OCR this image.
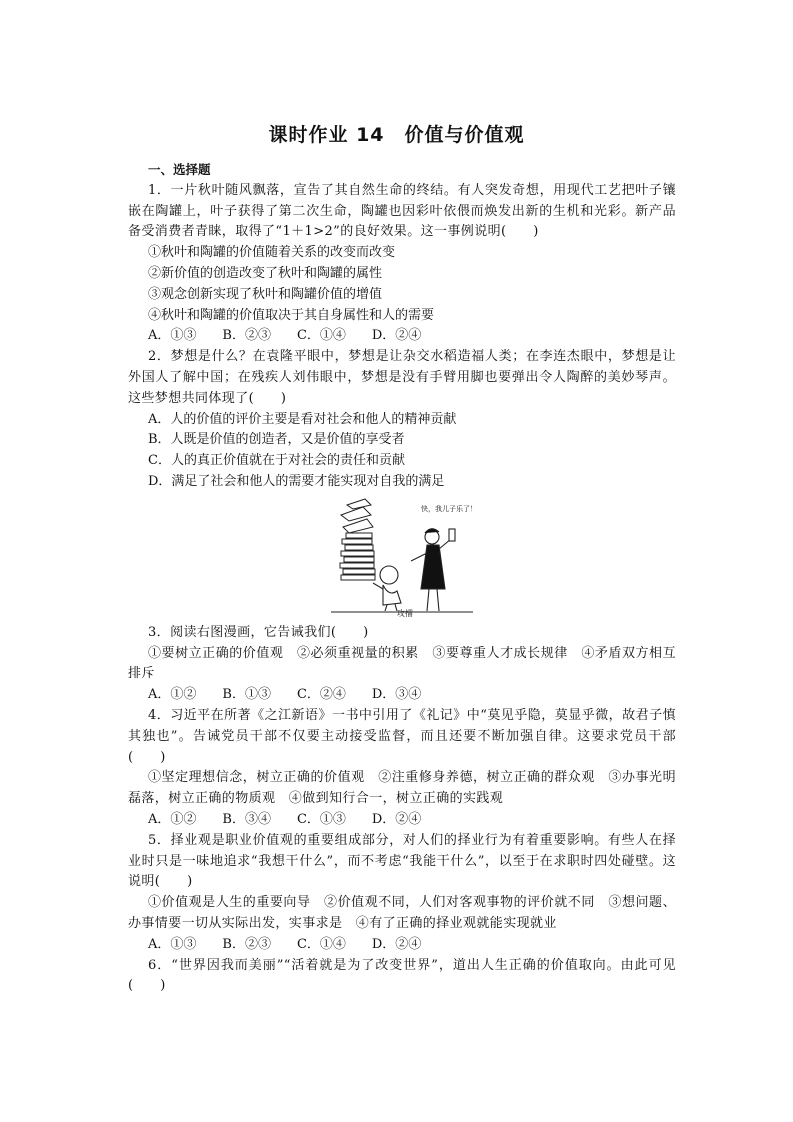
课时作业 14　价值与价值观
一、选择题

1．一片秋叶随风飘落，宣告了其自然生命的终结。有人突发奇想，用现代工艺把叶子镶嵌在陶罐上，叶子获得了第二次生命，陶罐也因彩叶依偎而焕发出新的生机和光彩。新产品备受消费者青睐，取得了“1＋1>2”的良好效果。这一事例说明(　　)

①秋叶和陶罐的价值随着关系的改变而改变

②新价值的创造改变了秋叶和陶罐的属性

③观念创新实现了秋叶和陶罐价值的增值

④秋叶和陶罐的价值取决于其自身属性和人的需要

A．①③　　B．②③　　C．①④　　D．②④

2．梦想是什么？在袁隆平眼中，梦想是让杂交水稻造福人类；在李连杰眼中，梦想是让外国人了解中国；在残疾人刘伟眼中，梦想是没有手臂用脚也要弹出令人陶醉的美妙琴声。这些梦想共同体现了(　　)

A．人的价值的评价主要是看对社会和他人的精神贡献

B．人既是价值的创造者，又是价值的享受者

C．人的真正价值就在于对社会的责任和贡献

D．满足了社会和他人的需要才能实现对自我的满足

快，我儿子乐了！
攻擂

3．阅读右图漫画，它告诫我们(　　)

①要树立正确的价值观　②必须重视量的积累　③要尊重人才成长规律　④矛盾双方相互排斥

A．①②　　B．①③　　C．②④　　D．③④

4．习近平在所著《之江新语》一书中引用了《礼记》中“莫见乎隐，莫显乎微，故君子慎其独也”。告诫党员干部不仅要主动接受监督，而且还要不断加强自律。这要求党员干部(　　)

①坚定理想信念，树立正确的价值观　②注重修身养德，树立正确的群众观　③办事光明磊落，树立正确的物质观　④做到知行合一，树立正确的实践观

A．①②　　B．③④　　C．①③　　D．②④

5．择业观是职业价值观的重要组成部分，对人们的择业行为有着重要影响。有些人在择业时只是一味地追求“我想干什么”，而不考虑“我能干什么”，以至于在求职时四处碰壁。这说明(　　)

①价值观是人生的重要向导　②价值观不同，人们对客观事物的评价就不同　③想问题、办事情要一切从实际出发，实事求是　④有了正确的择业观就能实现就业

A．①③　　B．②③　　C．①④　　D．②④

6．“世界因我而美丽”“活着就是为了改变世界”，道出人生正确的价值取向。由此可见(　　)
